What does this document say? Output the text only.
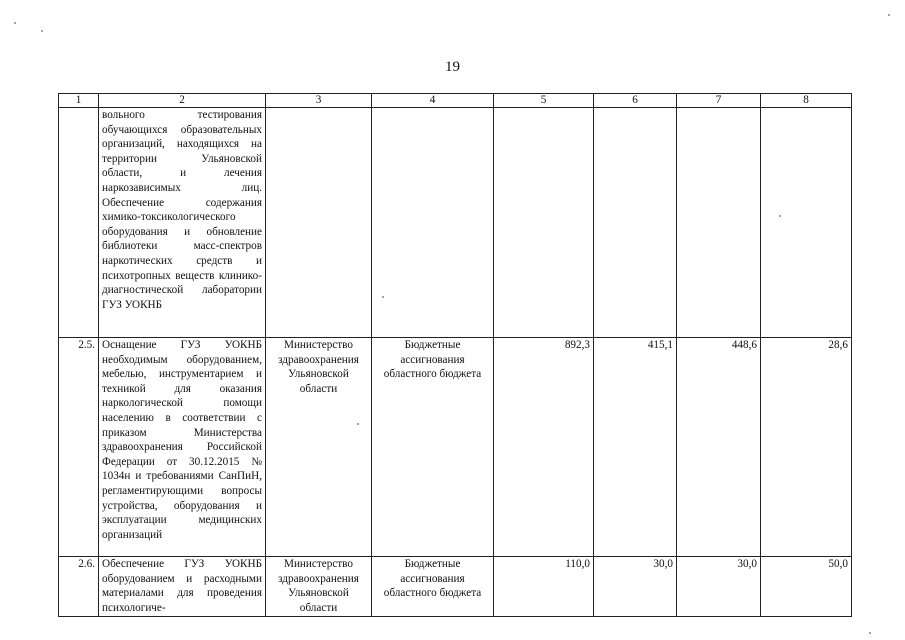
19
1	2	3	4	5	6	7	8
	вольного тестирования обучающихся образовательных организаций, находящихся на территории Ульяновской области, и лечения наркозависимых лиц. Обеспечение содержания химико-токсикологического оборудования и обновление библиотеки масс-спектров наркотических средств и психотропных веществ клинико-диагностической лаборатории ГУЗ УОКНБ						
2.5.	Оснащение ГУЗ УОКНБ необходимым оборудованием, мебелью, инструментарием и техникой для оказания наркологической помощи населению в соответствии с приказом Министерства здравоохранения Российской Федерации от 30.12.2015 № 1034н и требованиями СанПиН, регламентирующими вопросы устройства, оборудования и эксплуатации медицинских организаций	Министерство здравоохранения Ульяновской области	Бюджетные ассигнования областного бюджета	892,3	415,1	448,6	28,6
2.6.	Обеспечение ГУЗ УОКНБ оборудованием и расходными материалами для проведения психологиче-	Министерство здравоохранения Ульяновской области	Бюджетные ассигнования областного бюджета	110,0	30,0	30,0	50,0
